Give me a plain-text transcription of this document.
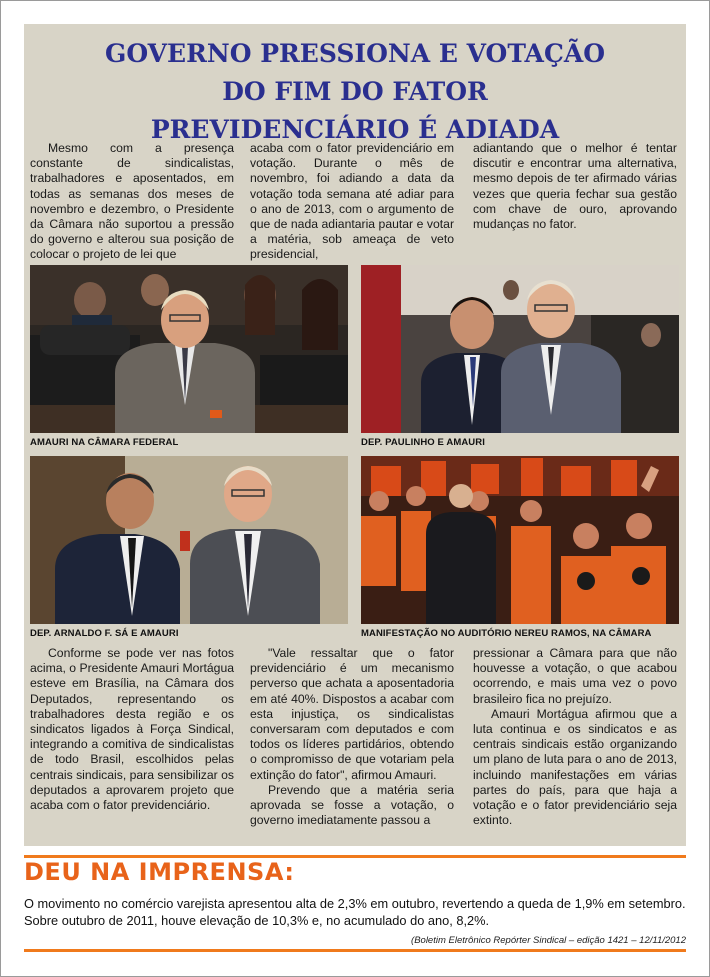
GOVERNO PRESSIONA E VOTAÇÃO
DO FIM DO FATOR
PREVIDENCIÁRIO É ADIADA

Mesmo com a presença constante de sindicalistas, trabalhadores e aposentados, em todas as semanas dos meses de novembro e dezembro, o Presidente da Câmara não suportou a pressão do governo e alterou sua posição de colocar o projeto de lei que

acaba com o fator previdenciário em votação. Durante o mês de novembro, foi adiando a data da votação toda semana até adiar para o ano de 2013, com o argumento de que de nada adiantaria pautar e votar a matéria, sob ameaça de veto presidencial,

adiantando que o melhor é tentar discutir e encontrar uma alternativa, mesmo depois de ter afirmado várias vezes que queria fechar sua gestão com chave de ouro, aprovando mudanças no fator.

AMAURI NA CÂMARA FEDERAL	DEP. PAULINHO E AMAURI
DEP. ARNALDO F. SÁ E AMAURI	MANIFESTAÇÃO NO AUDITÓRIO NEREU RAMOS, NA CÂMARA

Conforme se pode ver nas fotos acima, o Presidente Amauri Mortágua esteve em Brasília, na Câmara dos Deputados, representando os trabalhadores desta região e os sindicatos ligados à Força Sindical, integrando a comitiva de sindicalistas de todo Brasil, escolhidos pelas centrais sindicais, para sensibilizar os deputados a aprovarem projeto que acaba com o fator previdenciário.

"Vale ressaltar que o fator previdenciário é um mecanismo perverso que achata a aposentadoria em até 40%. Dispostos a acabar com esta injustiça, os sindicalistas conversaram com deputados e com todos os líderes partidários, obtendo o compromisso de que votariam pela extinção do fator", afirmou Amauri.

Prevendo que a matéria seria aprovada se fosse a votação, o governo imediatamente passou a

pressionar a Câmara para que não houvesse a votação, o que acabou ocorrendo, e mais uma vez o povo brasileiro fica no prejuízo.

Amauri Mortágua afirmou que a luta continua e os sindicatos e as centrais sindicais estão organizando um plano de luta para o ano de 2013, incluindo manifestações em várias partes do país, para que haja a votação e o fator previdenciário seja extinto.

DEU NA IMPRENSA:

O movimento no comércio varejista apresentou alta de 2,3% em outubro, revertendo a queda de 1,9% em setembro. Sobre outubro de 2011, houve elevação de 10,3% e, no acumulado do ano, 8,2%.

(Boletim Eletrônico Repórter Sindical – edição 1421 – 12/11/2012
